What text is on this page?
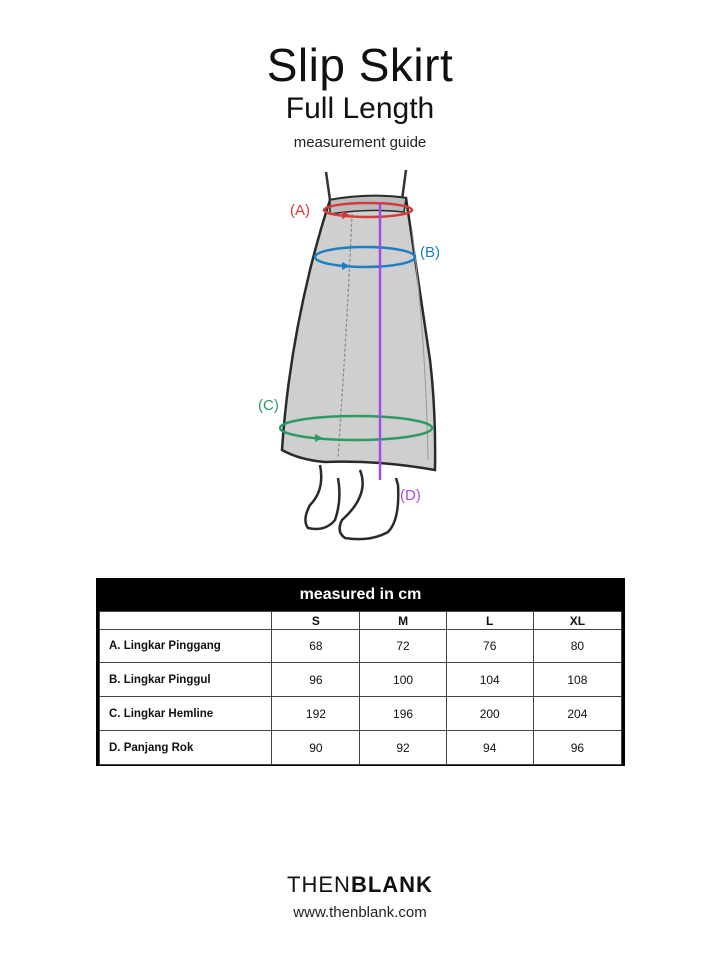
Slip Skirt
Full Length
measurement guide
(A)
(B)
(C)
(D)
measured in cm
	S	M	L	XL
A. Lingkar Pinggang	68	72	76	80
B. Lingkar Pinggul	96	100	104	108
C. Lingkar Hemline	192	196	200	204
D. Panjang Rok	90	92	94	96
THENBLANK
www.thenblank.com
